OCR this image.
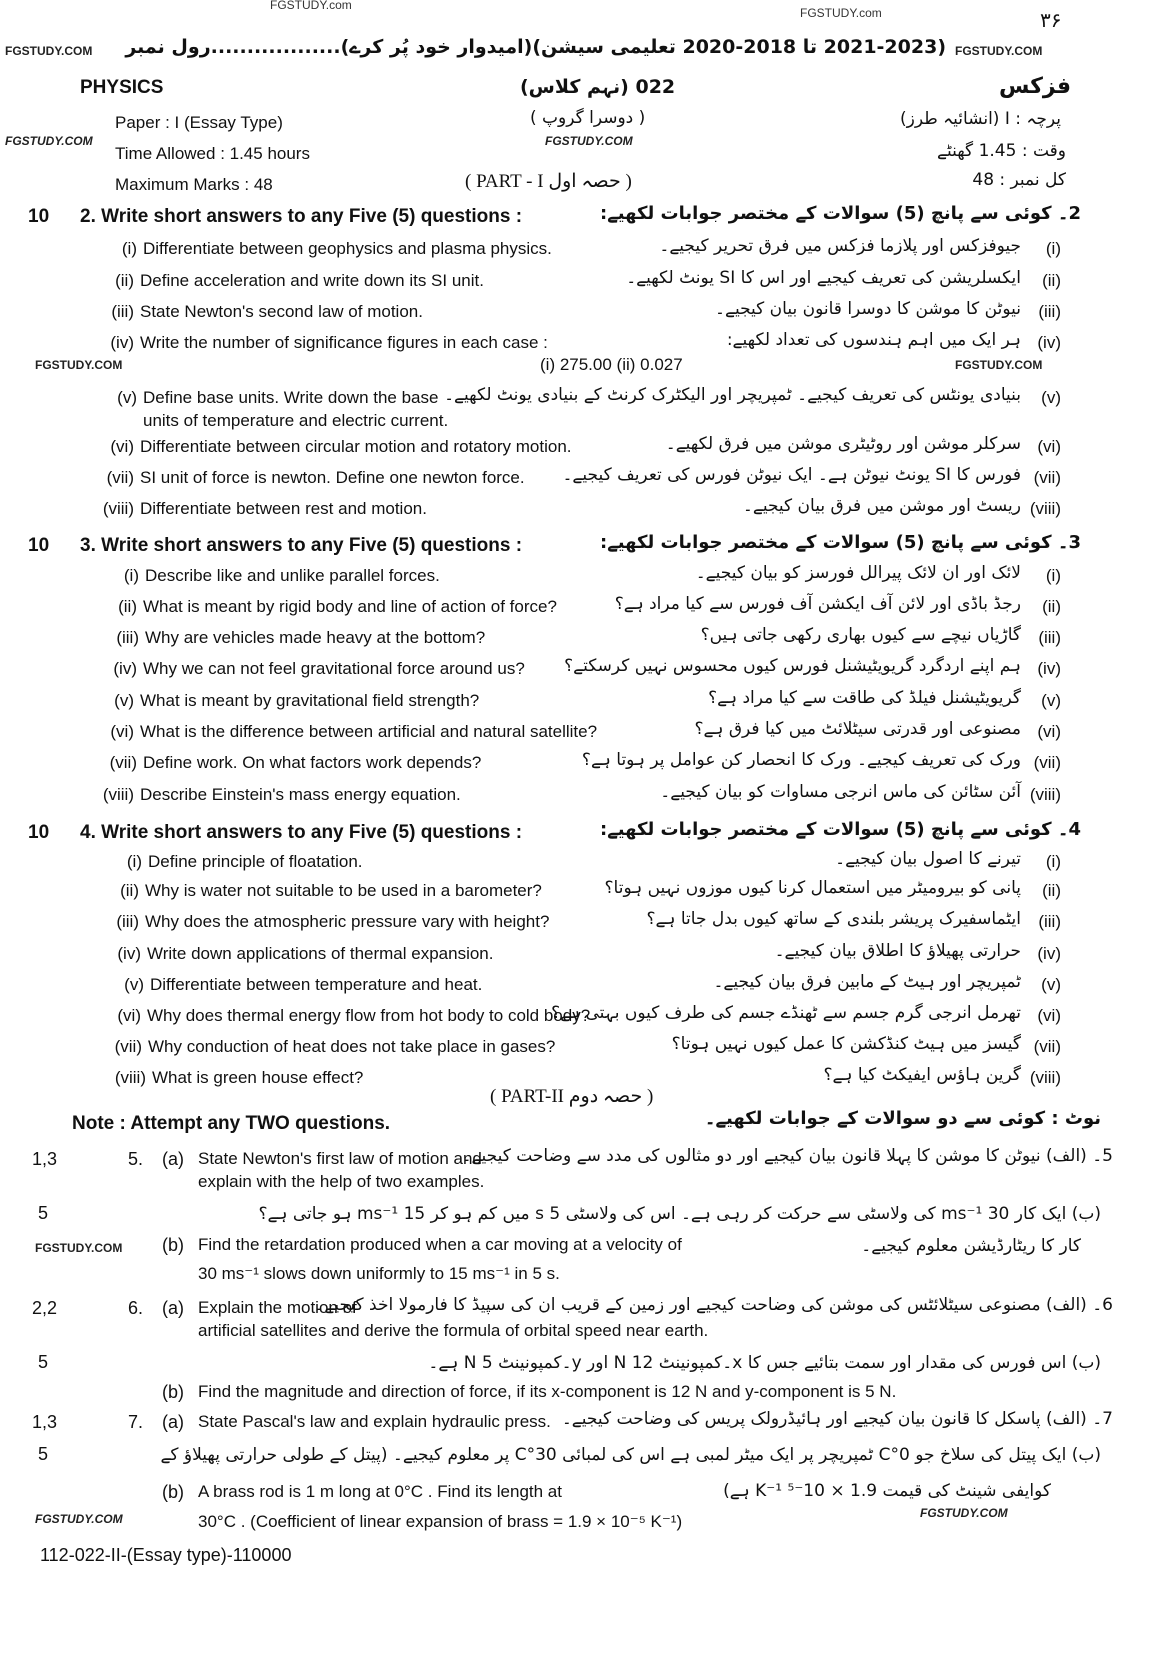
FGSTUDY.com
FGSTUDY.com	۳۶
FGSTUDY.COM (2021-2023 تا 2018-2020 تعلیمی سیشن)(امیدوار خود پُر کرے)..................رول نمبر FGSTUDY.COM
PHYSICS	022 (نہم کلاس)	فزکس
Paper : I (Essay Type)	( دوسرا گروپ )	پرچہ : I (انشائیہ طرز)
FGSTUDY.COM	FGSTUDY.COM
Time Allowed : 1.45 hours	وقت : 1.45 گھنٹے
Maximum Marks : 48	( PART - I حصہ اول )	کل نمبر : 48
10 2. Write short answers to any Five (5) questions :	2۔ کوئی سے پانچ (5) سوالات کے مختصر جوابات لکھیے:
(i) Differentiate between geophysics and plasma physics.	جیوفزکس اور پلازما فزکس میں فرق تحریر کیجیے۔ (i)
(ii) Define acceleration and write down its SI unit.	ایکسلریشن کی تعریف کیجیے اور اس کا SI یونٹ لکھیے۔ (ii)
(iii) State Newton's second law of motion.	نیوٹن کا موشن کا دوسرا قانون بیان کیجیے۔ (iii)
(iv) Write the number of significance figures in each case :	ہر ایک میں اہم ہندسوں کی تعداد لکھیے: (iv)
FGSTUDY.COM	(i) 275.00 (ii) 0.027	FGSTUDY.COM
(v) Define base units. Write down the base
units of temperature and electric current.
بنیادی یونٹس کی تعریف کیجیے۔ ٹمپریچر اور الیکٹرک کرنٹ کے بنیادی یونٹ لکھیے۔ (v)
(vi) Differentiate between circular motion and rotatory motion.	سرکلر موشن اور روٹیٹری موشن میں فرق لکھیے۔ (vi)
(vii) SI unit of force is newton. Define one newton force. فورس کا SI یونٹ نیوٹن ہے۔ ایک نیوٹن فورس کی تعریف کیجیے۔ (vii)
(viii) Differentiate between rest and motion.	ریسٹ اور موشن میں فرق بیان کیجیے۔ (viii)
10 3. Write short answers to any Five (5) questions :	3۔ کوئی سے پانچ (5) سوالات کے مختصر جوابات لکھیے:
(i) Describe like and unlike parallel forces.	لائک اور ان لائک پیرالل فورسز کو بیان کیجیے۔ (i)
(ii) What is meant by rigid body and line of action of force?	رجڈ باڈی اور لائن آف ایکشن آف فورس سے کیا مراد ہے؟ (ii)
(iii) Why are vehicles made heavy at the bottom?	گاڑیاں نیچے سے کیوں بھاری رکھی جاتی ہیں؟ (iii)
(iv) Why we can not feel gravitational force around us? ہم اپنے اردگرد گریویٹیشنل فورس کیوں محسوس نہیں کرسکتے؟ (iv)
(v) What is meant by gravitational field strength?	گریویٹیشنل فیلڈ کی طاقت سے کیا مراد ہے؟ (v)
(vi) What is the difference between artificial and natural satellite?	مصنوعی اور قدرتی سیٹلائٹ میں کیا فرق ہے؟ (vi)
(vii) Define work. On what factors work depends?	ورک کی تعریف کیجیے۔ ورک کا انحصار کن عوامل پر ہوتا ہے؟ (vii)
(viii) Describe Einstein's mass energy equation.	آئن سٹائن کی ماس انرجی مساوات کو بیان کیجیے۔ (viii)
10 4. Write short answers to any Five (5) questions :	4۔ کوئی سے پانچ (5) سوالات کے مختصر جوابات لکھیے:
(i) Define principle of floatation.	تیرنے کا اصول بیان کیجیے۔ (i)
(ii) Why is water not suitable to be used in a barometer?	پانی کو بیرومیٹر میں استعمال کرنا کیوں موزوں نہیں ہوتا؟ (ii)
(iii) Why does the atmospheric pressure vary with height?	ایٹماسفیرک پریشر بلندی کے ساتھ کیوں بدل جاتا ہے؟ (iii)
(iv) Write down applications of thermal expansion.	حرارتی پھیلاؤ کا اطلاق بیان کیجیے۔ (iv)
(v) Differentiate between temperature and heat.	ٹمپریچر اور ہیٹ کے مابین فرق بیان کیجیے۔ (v)
(vi) Why does thermal energy flow from hot body to cold body?
تھرمل انرجی گرم جسم سے ٹھنڈے جسم کی طرف کیوں بہتی ہے؟ (vi)
(vii) Why conduction of heat does not take place in gases?	گیسز میں ہیٹ کنڈکشن کا عمل کیوں نہیں ہوتا؟ (vii)
(viii) What is green house effect?	گرین ہاؤس ایفیکٹ کیا ہے؟ (viii)
( PART-II حصہ دوم )
Note : Attempt any TWO questions.	نوٹ : کوئی سے دو سوالات کے جوابات لکھیے۔
1,3	5. (a) State Newton's first law of motion and
explain with the help of two examples.
5۔ (الف) نیوٹن کا موشن کا پہلا قانون بیان کیجیے اور دو مثالوں کی مدد سے وضاحت کیجیے۔
5	(ب) ایک کار 30 ms⁻¹ کی ولاسٹی سے حرکت کر رہی ہے۔ اس کی ولاسٹی 5 s میں کم ہو کر 15 ms⁻¹ ہو جاتی ہے؟
کار کا ریٹارڈیشن معلوم کیجیے۔
(b) Find the retardation produced when a car moving at a velocity of
30 ms⁻¹ slows down uniformly to 15 ms⁻¹ in 5 s.
2,2	6. (a) Explain the motion of
artificial satellites and derive the formula of orbital speed near earth.
6۔ (الف) مصنوعی سیٹلائٹس کی موشن کی وضاحت کیجیے اور زمین کے قریب ان کی سپیڈ کا فارمولا اخذ کیجیے۔
5	(ب) اس فورس کی مقدار اور سمت بتائیے جس کا x۔کمپونینٹ 12 N اور y۔کمپونینٹ 5 N ہے۔
(b) Find the magnitude and direction of force, if its x-component is 12 N and y-component is 5 N.
1,3	7. (a) State Pascal's law and explain hydraulic press. 7۔ (الف) پاسکل کا قانون بیان کیجیے اور ہائیڈرولک پریس کی وضاحت کیجیے۔
5	(ب) ایک پیتل کی سلاخ جو 0°C ٹمپریچر پر ایک میٹر لمبی ہے اس کی لمبائی 30°C پر معلوم کیجیے۔ (پیتل کے طولی حرارتی پھیلاؤ کے
کوایفی شینٹ کی قیمت 1.9 × 10⁻⁵ K⁻¹ ہے)
(b) A brass rod is 1 m long at 0°C . Find its length at
30°C . (Coefficient of linear expansion of brass = 1.9 × 10⁻⁵ K⁻¹)
FGSTUDY.COM
FGSTUDY.COM	FGSTUDY.COM
112-022-II-(Essay type)-110000
